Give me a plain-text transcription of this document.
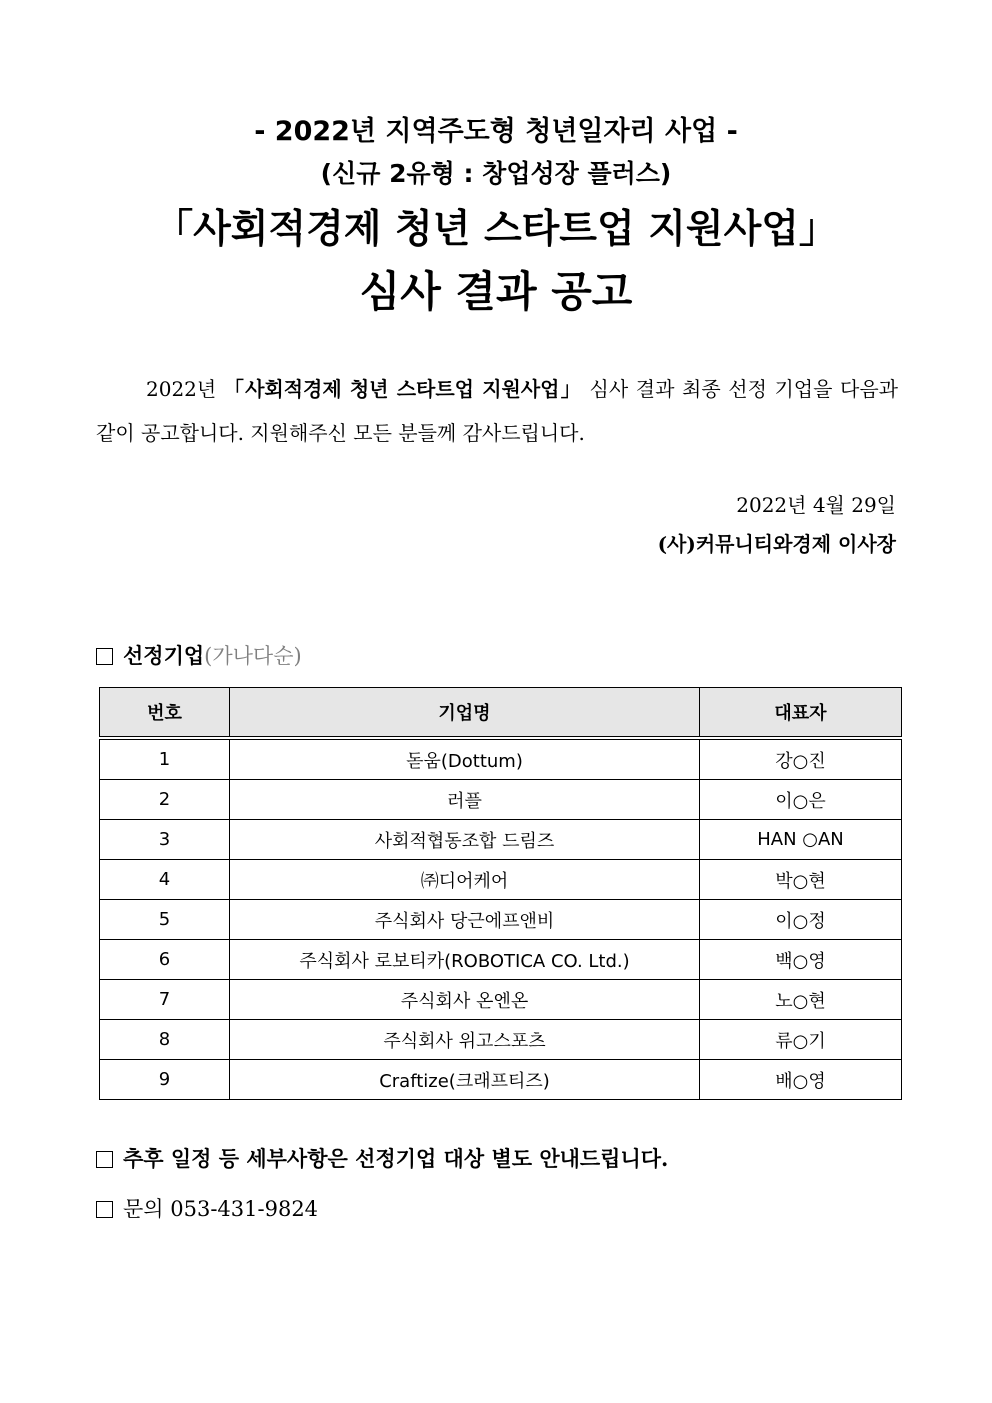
- 2022년 지역주도형 청년일자리 사업 -
(신규 2유형 : 창업성장 플러스)
「사회적경제 청년 스타트업 지원사업」
심사 결과 공고
2022년 「사회적경제 청년 스타트업 지원사업」 심사 결과 최종 선정 기업을 다음과 같이 공고합니다. 지원해주신 모든 분들께 감사드립니다.
2022년 4월 29일
(사)커뮤니티와경제 이사장
선정기업(가나다순)
번호	기업명	대표자
1	돋움(Dottum)	강○진
2	러플	이○은
3	사회적협동조합 드림즈	HAN ○AN
4	㈜디어케어	박○현
5	주식회사 당근에프앤비	이○정
6	주식회사 로보티카(ROBOTICA CO. Ltd.)	백○영
7	주식회사 온엔온	노○현
8	주식회사 위고스포츠	류○기
9	Craftize(크래프티즈)	배○영
추후 일정 등 세부사항은 선정기업 대상 별도 안내드립니다.
문의 053-431-9824
